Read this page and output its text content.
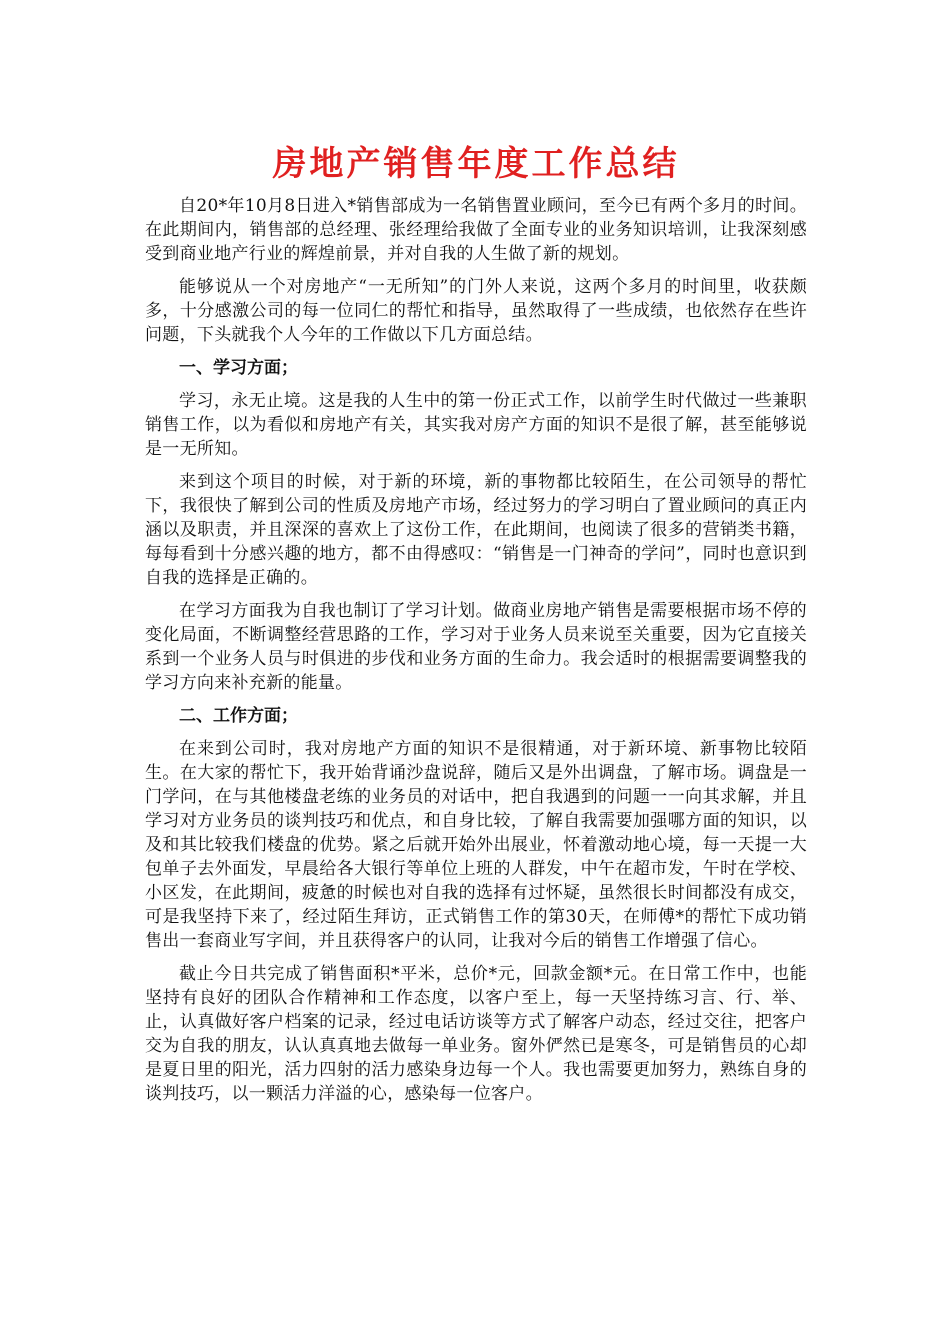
房地产销售年度工作总结

自20*年10月8日进入*销售部成为一名销售置业顾问，至今已有两个多月的时间。在此期间内，销售部的总经理、张经理给我做了全面专业的业务知识培训，让我深刻感受到商业地产行业的辉煌前景，并对自我的人生做了新的规划。

能够说从一个对房地产“一无所知”的门外人来说，这两个多月的时间里，收获颇多，十分感激公司的每一位同仁的帮忙和指导，虽然取得了一些成绩，也依然存在些许问题，下头就我个人今年的工作做以下几方面总结。

一、学习方面；

学习，永无止境。这是我的人生中的第一份正式工作，以前学生时代做过一些兼职销售工作，以为看似和房地产有关，其实我对房产方面的知识不是很了解，甚至能够说是一无所知。

来到这个项目的时候，对于新的环境，新的事物都比较陌生，在公司领导的帮忙下，我很快了解到公司的性质及房地产市场，经过努力的学习明白了置业顾问的真正内涵以及职责，并且深深的喜欢上了这份工作，在此期间，也阅读了很多的营销类书籍，每每看到十分感兴趣的地方，都不由得感叹：“销售是一门神奇的学问”，同时也意识到自我的选择是正确的。

在学习方面我为自我也制订了学习计划。做商业房地产销售是需要根据市场不停的变化局面，不断调整经营思路的工作，学习对于业务人员来说至关重要，因为它直接关系到一个业务人员与时俱进的步伐和业务方面的生命力。我会适时的根据需要调整我的学习方向来补充新的能量。

二、工作方面；

在来到公司时，我对房地产方面的知识不是很精通，对于新环境、新事物比较陌生。在大家的帮忙下，我开始背诵沙盘说辞，随后又是外出调盘，了解市场。调盘是一门学问，在与其他楼盘老练的业务员的对话中，把自我遇到的问题一一向其求解，并且学习对方业务员的谈判技巧和优点，和自身比较，了解自我需要加强哪方面的知识，以及和其比较我们楼盘的优势。紧之后就开始外出展业，怀着激动地心境，每一天提一大包单子去外面发，早晨给各大银行等单位上班的人群发，中午在超市发，午时在学校、小区发，在此期间，疲惫的时候也对自我的选择有过怀疑，虽然很长时间都没有成交，可是我坚持下来了，经过陌生拜访，正式销售工作的第30天，在师傅*的帮忙下成功销售出一套商业写字间，并且获得客户的认同，让我对今后的销售工作增强了信心。

截止今日共完成了销售面积*平米，总价*元，回款金额*元。在日常工作中，也能坚持有良好的团队合作精神和工作态度，以客户至上，每一天坚持练习言、行、举、止，认真做好客户档案的记录，经过电话访谈等方式了解客户动态，经过交往，把客户交为自我的朋友，认认真真地去做每一单业务。窗外俨然已是寒冬，可是销售员的心却是夏日里的阳光，活力四射的活力感染身边每一个人。我也需要更加努力，熟练自身的谈判技巧，以一颗活力洋溢的心，感染每一位客户。
